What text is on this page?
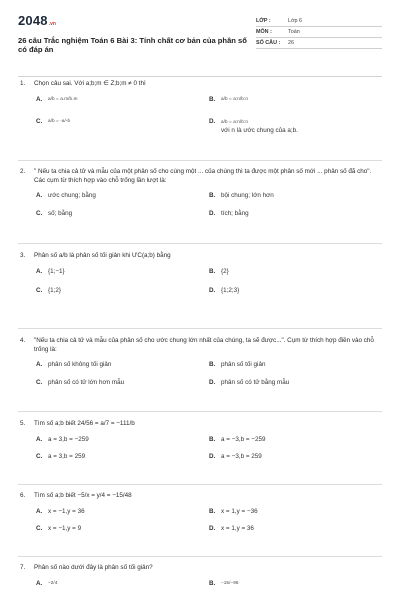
2048 .vn
26 câu Trắc nghiệm Toán 6 Bài 3: Tính chất cơ bản của phân số có đáp án
LỚP :	Lớp 6
MÔN :	Toán
SỐ CÂU :	26
1.	Chọn câu sai. Với a;b;m ∈ Z;b;m ≠ 0 thì
A.	a/b = a.m/b.m	B.	a/b = a:n/b:n
C.	a/b = -a/-b	D.	a/b = a:n/b:n
với n là ước chung của a;b.
2.	" Nếu ta chia cả tử và mẫu của một phân số cho cùng một ... của chúng thì ta được một phân số mới ... phân số đã cho". Các cụm từ thích hợp vào chỗ trống lần lượt là:
A. ước chung; bằng	B. bội chung; lớn hơn
C. số; bằng	D. tích; bằng
3.	Phân số a/b là phân số tối giản khi ƯC(a;b) bằng
A. {1;−1}	B. {2}
C. {1;2}	D. {1;2;3}
4.	"Nếu ta chia cả tử và mẫu của phân số cho ước chung lớn nhất của chúng, ta sẽ được...". Cụm từ thích hợp điền vào chỗ trống là:
A. phân số không tối giản	B. phân số tối giản
C. phân số có tử lớn hơn mẫu	D. phân số có tử bằng mẫu
5.	Tìm số a;b biết 24/56 = a/7 = −111/b
A. a = 3,b = −259	B. a = −3,b = −259
C. a = 3,b = 259	D. a = −3,b = 259
6.	Tìm số a;b biết −5/x = y/4 = −15/48
A. x = −1,y = 36	B. x = 1,y = −36
C. x = −1,y = 9	D. x = 1,y = 36
7.	Phân số nào dưới đây là phân số tối giản?
A.	−2/4	B.	−15/−96
